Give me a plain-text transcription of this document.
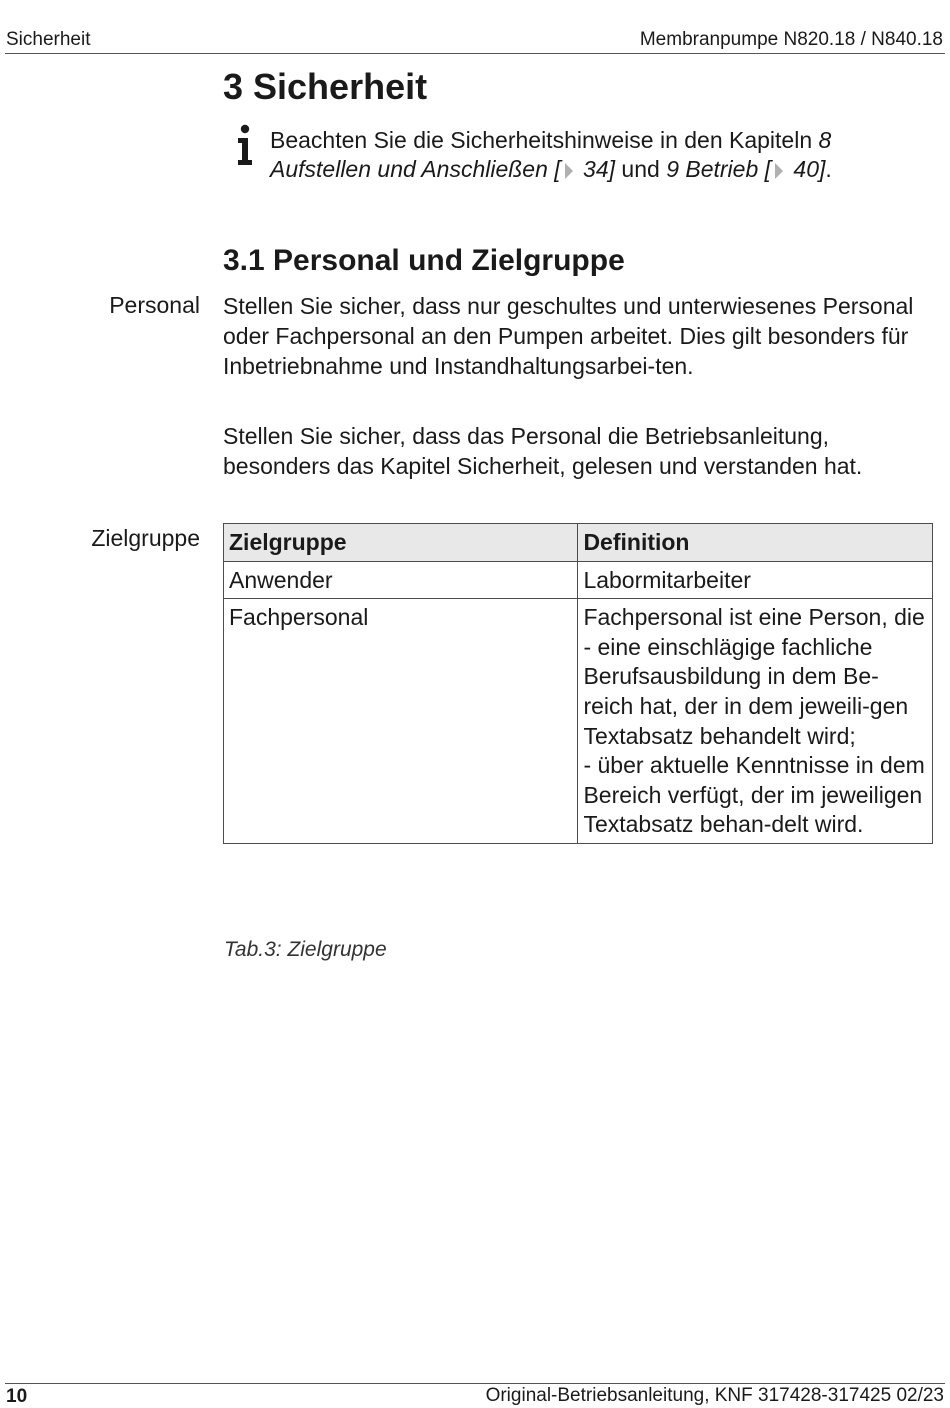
Sicherheit	Membranpumpe N820.18 / N840.18
3 Sicherheit
Beachten Sie die Sicherheitshinweise in den Kapiteln 8 Aufstellen und Anschließen [ 34] und 9 Betrieb [ 40].
3.1 Personal und Zielgruppe
Personal Stellen Sie sicher, dass nur geschultes und unterwiesenes Personal oder Fachpersonal an den Pumpen arbeitet. Dies gilt besonders für Inbetriebnahme und Instandhaltungsarbei-ten.

Stellen Sie sicher, dass das Personal die Betriebsanleitung, besonders das Kapitel Sicherheit, gelesen und verstanden hat.

Zielgruppe Zielgruppe	Definition
Anwender	Labormitarbeiter
Fachpersonal	Fachpersonal ist eine Person, die
- eine einschlägige fachliche Berufsausbildung in dem Be-reich hat, der in dem jeweili-gen Textabsatz behandelt wird;
- über aktuelle Kenntnisse in dem Bereich verfügt, der im jeweiligen Textabsatz behan-delt wird.
Tab.3: Zielgruppe
10	Original-Betriebsanleitung, KNF 317428-317425 02/23
